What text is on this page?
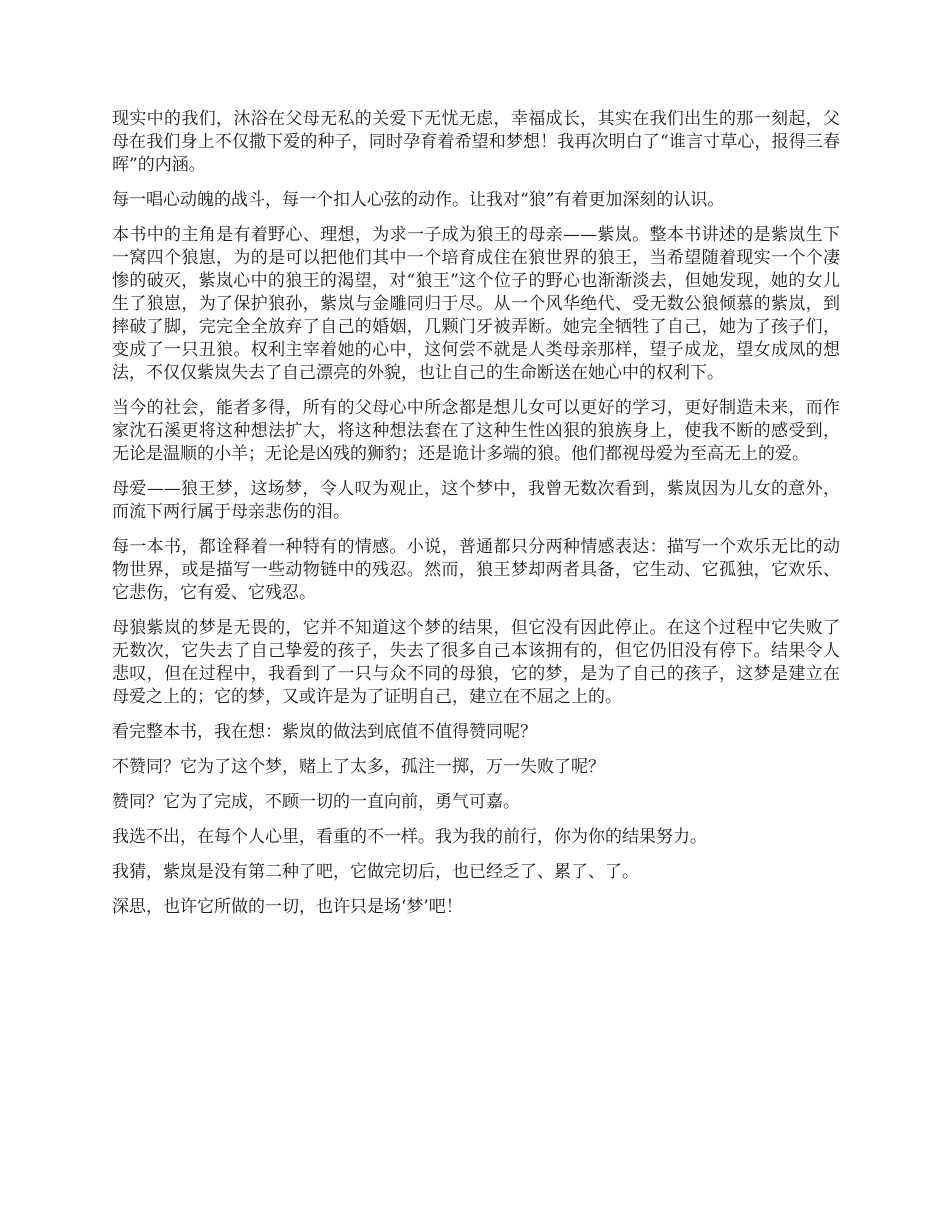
现实中的我们，沐浴在父母无私的关爱下无忧无虑，幸福成长，其实在我们出生的那一刻起，父母在我们身上不仅撒下爱的种子，同时孕育着希望和梦想！我再次明白了“谁言寸草心，报得三春晖”的内涵。

每一唱心动魄的战斗，每一个扣人心弦的动作。让我对“狼”有着更加深刻的认识。

本书中的主角是有着野心、理想，为求一子成为狼王的母亲——紫岚。整本书讲述的是紫岚生下一窝四个狼崽，为的是可以把他们其中一个培育成住在狼世界的狼王，当希望随着现实一个个凄惨的破灭，紫岚心中的狼王的渴望，对“狼王”这个位子的野心也渐渐淡去，但她发现，她的女儿生了狼崽，为了保护狼孙，紫岚与金雕同归于尽。从一个风华绝代、受无数公狼倾慕的紫岚，到摔破了脚，完完全全放弃了自己的婚姻，几颗门牙被弄断。她完全牺牲了自己，她为了孩子们，变成了一只丑狼。权利主宰着她的心中，这何尝不就是人类母亲那样，望子成龙，望女成凤的想法，不仅仅紫岚失去了自己漂亮的外貌，也让自己的生命断送在她心中的权利下。

当今的社会，能者多得，所有的父母心中所念都是想儿女可以更好的学习，更好制造未来，而作家沈石溪更将这种想法扩大，将这种想法套在了这种生性凶狠的狼族身上，使我不断的感受到，无论是温顺的小羊；无论是凶残的狮豹；还是诡计多端的狼。他们都视母爱为至高无上的爱。

母爱——狼王梦，这场梦，令人叹为观止，这个梦中，我曾无数次看到，紫岚因为儿女的意外，而流下两行属于母亲悲伤的泪。

每一本书，都诠释着一种特有的情感。小说，普通都只分两种情感表达：描写一个欢乐无比的动物世界，或是描写一些动物链中的残忍。然而，狼王梦却两者具备，它生动、它孤独，它欢乐、它悲伤，它有爱、它残忍。

母狼紫岚的梦是无畏的，它并不知道这个梦的结果，但它没有因此停止。在这个过程中它失败了无数次，它失去了自己挚爱的孩子，失去了很多自己本该拥有的，但它仍旧没有停下。结果令人悲叹，但在过程中，我看到了一只与众不同的母狼，它的梦，是为了自己的孩子，这梦是建立在母爱之上的；它的梦，又或许是为了证明自己，建立在不屈之上的。

看完整本书，我在想：紫岚的做法到底值不值得赞同呢？

不赞同？它为了这个梦，赌上了太多，孤注一掷，万一失败了呢？

赞同？它为了完成，不顾一切的一直向前，勇气可嘉。

我选不出，在每个人心里，看重的不一样。我为我的前行，你为你的结果努力。

我猜，紫岚是没有第二种了吧，它做完切后，也已经乏了、累了、了。

深思，也许它所做的一切，也许只是场‘梦’吧！
